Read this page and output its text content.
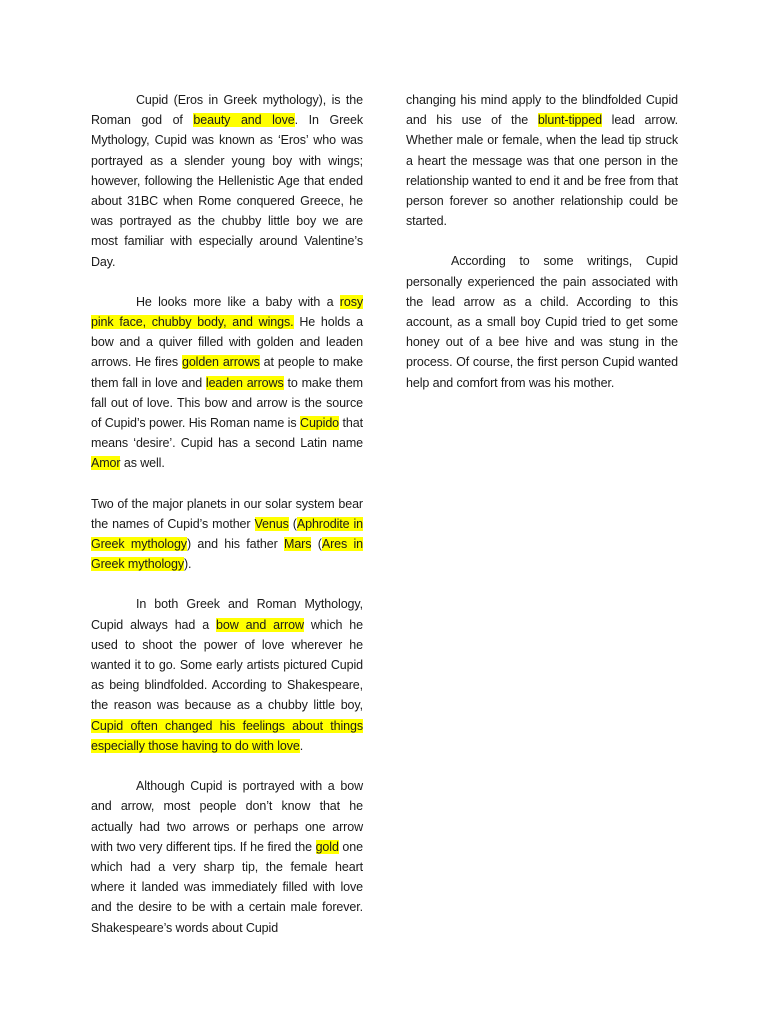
Cupid (Eros in Greek mythology), is the Roman god of beauty and love. In Greek Mythology, Cupid was known as ‘Eros’ who was portrayed as a slender young boy with wings; however, following the Hellenistic Age that ended about 31BC when Rome conquered Greece, he was portrayed as the chubby little boy we are most familiar with especially around Valentine’s Day.

He looks more like a baby with a rosy pink face, chubby body, and wings. He holds a bow and a quiver filled with golden and leaden arrows. He fires golden arrows at people to make them fall in love and leaden arrows to make them fall out of love. This bow and arrow is the source of Cupid’s power. His Roman name is Cupido that means ‘desire’. Cupid has a second Latin name Amor as well.

Two of the major planets in our solar system bear the names of Cupid’s mother Venus (Aphrodite in Greek mythology) and his father Mars (Ares in Greek mythology).

In both Greek and Roman Mythology, Cupid always had a bow and arrow which he used to shoot the power of love wherever he wanted it to go. Some early artists pictured Cupid as being blindfolded. According to Shakespeare, the reason was because as a chubby little boy, Cupid often changed his feelings about things especially those having to do with love.

Although Cupid is portrayed with a bow and arrow, most people don’t know that he actually had two arrows or perhaps one arrow with two very different tips. If he fired the gold one which had a very sharp tip, the female heart where it landed was immediately filled with love and the desire to be with a certain male forever. Shakespeare’s words about Cupid

changing his mind apply to the blindfolded Cupid and his use of the blunt-tipped lead arrow. Whether male or female, when the lead tip struck a heart the message was that one person in the relationship wanted to end it and be free from that person forever so another relationship could be started.

According to some writings, Cupid personally experienced the pain associated with the lead arrow as a child. According to this account, as a small boy Cupid tried to get some honey out of a bee hive and was stung in the process. Of course, the first person Cupid wanted help and comfort from was his mother.
